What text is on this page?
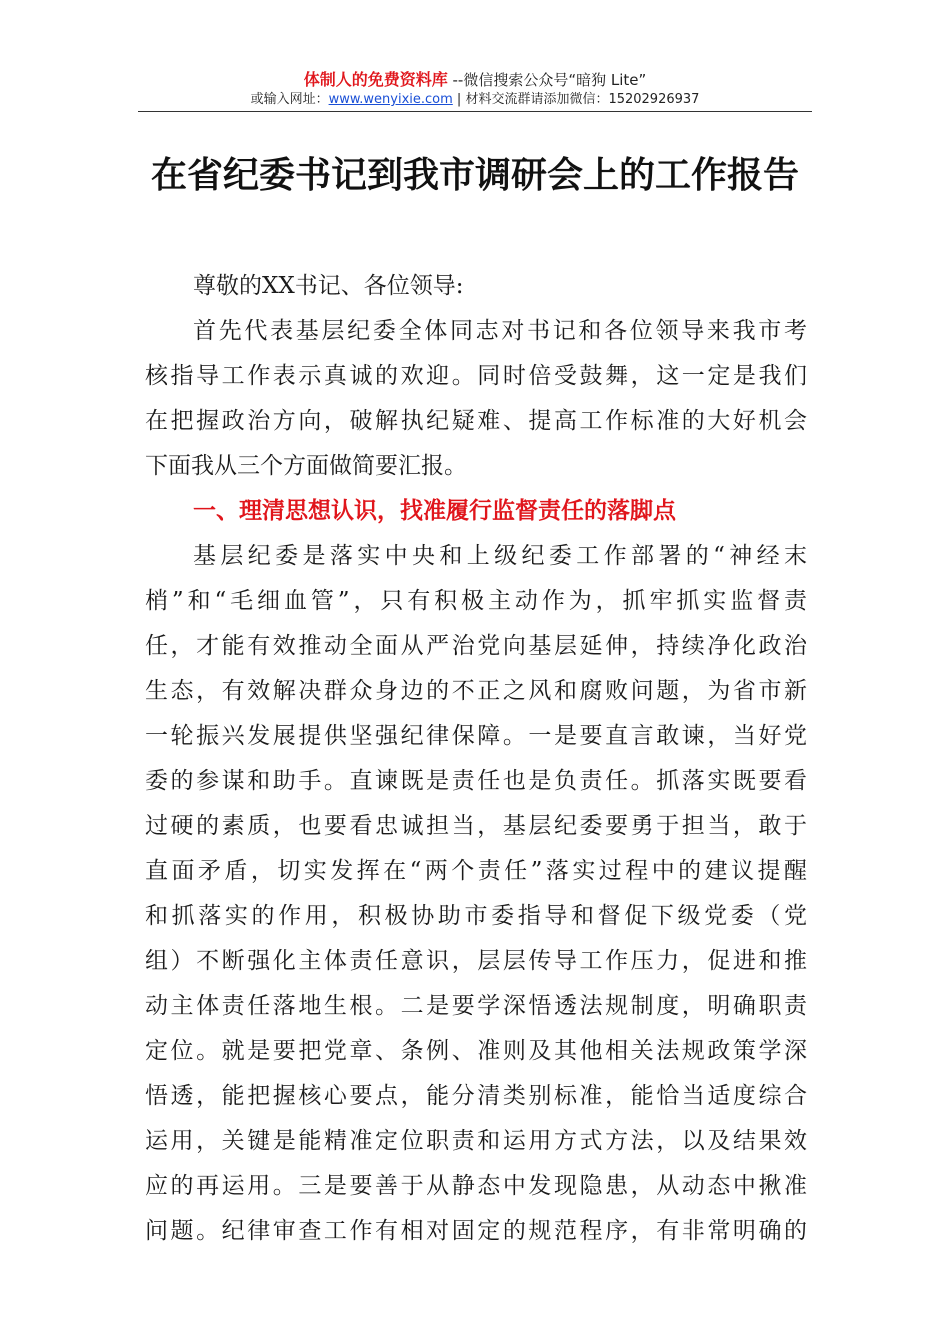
体制人的免费资料库 --微信搜索公众号“暗狗 Lite”
或输入网址：www.wenyixie.com | 材料交流群请添加微信：15202926937
在省纪委书记到我市调研会上的工作报告
尊敬的XX书记、各位领导:
首先代表基层纪委全体同志对书记和各位领导来我市考
核指导工作表示真诚的欢迎。同时倍受鼓舞，这一定是我们
在把握政治方向，破解执纪疑难、提高工作标准的大好机会
下面我从三个方面做简要汇报。
一、理清思想认识，找准履行监督责任的落脚点
基层纪委是落实中央和上级纪委工作部署的“神经末
梢”和“毛细血管”，只有积极主动作为，抓牢抓实监督责
任，才能有效推动全面从严治党向基层延伸，持续净化政治
生态，有效解决群众身边的不正之风和腐败问题，为省市新
一轮振兴发展提供坚强纪律保障。一是要直言敢谏，当好党
委的参谋和助手。直谏既是责任也是负责任。抓落实既要看
过硬的素质，也要看忠诚担当，基层纪委要勇于担当，敢于
直面矛盾，切实发挥在“两个责任”落实过程中的建议提醒
和抓落实的作用，积极协助市委指导和督促下级党委（党
组）不断强化主体责任意识，层层传导工作压力，促进和推
动主体责任落地生根。二是要学深悟透法规制度，明确职责
定位。就是要把党章、条例、准则及其他相关法规政策学深
悟透，能把握核心要点，能分清类别标准，能恰当适度综合
运用，关键是能精准定位职责和运用方式方法，以及结果效
应的再运用。三是要善于从静态中发现隐患，从动态中揪准
问题。纪律审查工作有相对固定的规范程序，有非常明确的
